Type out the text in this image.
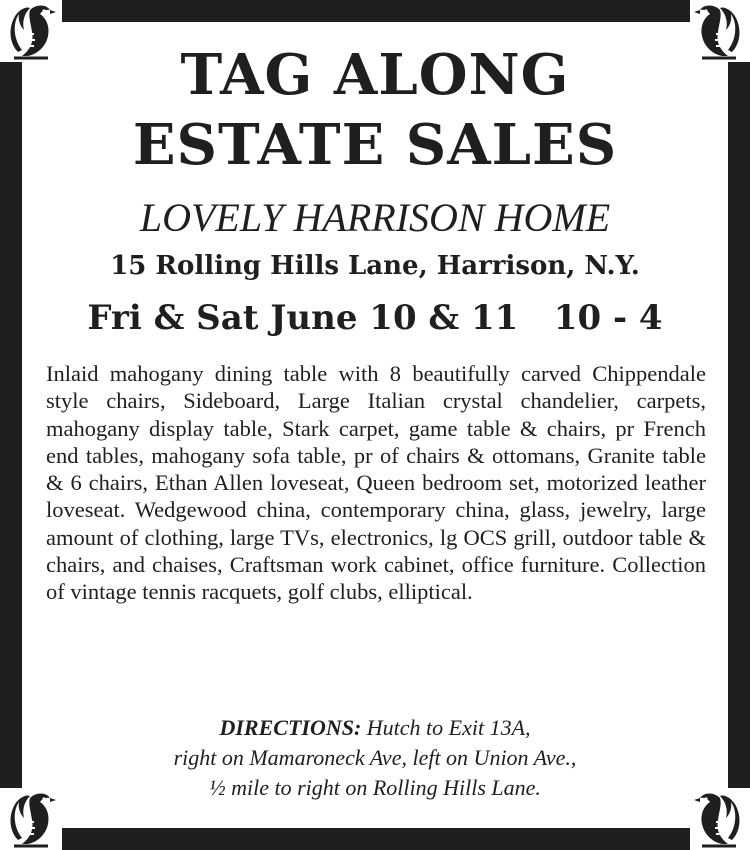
TAG ALONG
ESTATE SALES
LOVELY HARRISON HOME
15 Rolling Hills Lane, Harrison, N.Y.
Fri & Sat June 10 & 11   10 - 4
Inlaid mahogany dining table with 8 beautifully carved Chippendale style chairs, Sideboard, Large Italian crystal chandelier, carpets, mahogany display table, Stark carpet, game table & chairs, pr French end tables, mahogany sofa table, pr of chairs & ottomans, Granite table & 6 chairs, Ethan Allen loveseat, Queen bedroom set, motorized leather loveseat. Wedgewood china, contemporary china, glass, jewelry, large amount of clothing, large TVs, electronics, lg OCS grill, outdoor table & chairs, and chaises, Craftsman work cabinet, office furniture. Collection of vintage tennis racquets, golf clubs, elliptical.
DIRECTIONS: Hutch to Exit 13A,
right on Mamaroneck Ave, left on Union Ave.,
½ mile to right on Rolling Hills Lane.
